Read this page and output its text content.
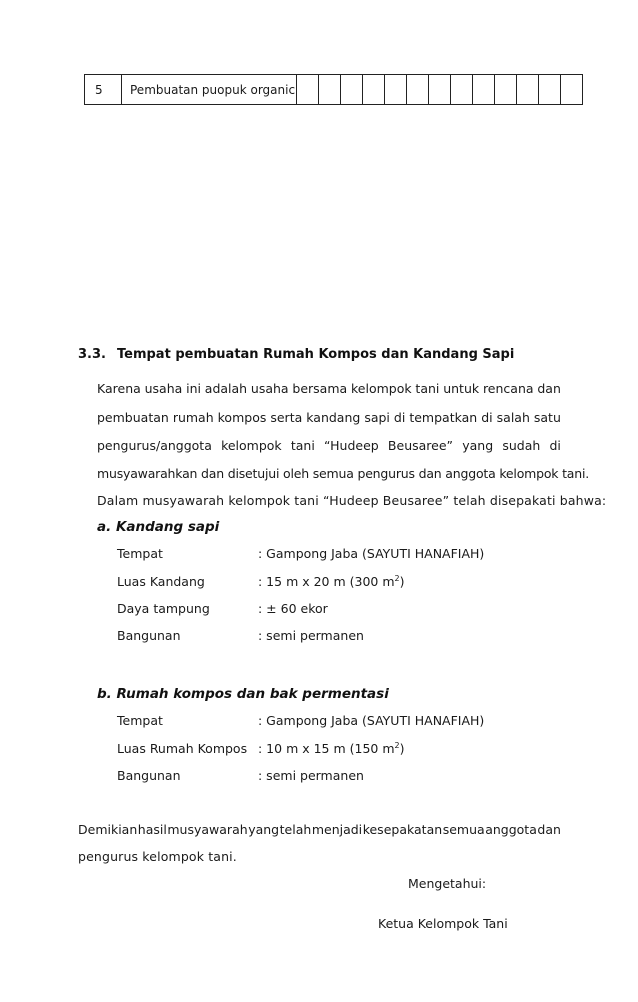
5	Pembuatan puopuk organic													
3.3. Tempat pembuatan Rumah Kompos dan Kandang Sapi
Karena usaha ini adalah usaha bersama kelompok tani untuk rencana dan
pembuatan rumah kompos serta kandang sapi di tempatkan di salah satu
pengurus/anggota kelompok tani “Hudeep Beusaree” yang sudah di
musyawarahkan dan disetujui oleh semua pengurus dan anggota kelompok tani.
Dalam musyawarah kelompok tani “Hudeep Beusaree” telah disepakati bahwa:
a. Kandang sapi
Tempat	: Gampong Jaba (SAYUTI HANAFIAH)
Luas Kandang	: 15 m x 20 m (300 $m^2$)
Daya tampung	: ± 60 ekor
Bangunan	: semi permanen
b. Rumah kompos dan bak permentasi
Tempat	: Gampong Jaba (SAYUTI HANAFIAH)
Luas Rumah Kompos : 10 m x 15 m (150 $m^2$)
Bangunan	: semi permanen
Demikian hasil musyawarah yang telah menjadi kesepakatan semua anggota dan
pengurus kelompok tani.
Mengetahui:
Ketua Kelompok Tani
